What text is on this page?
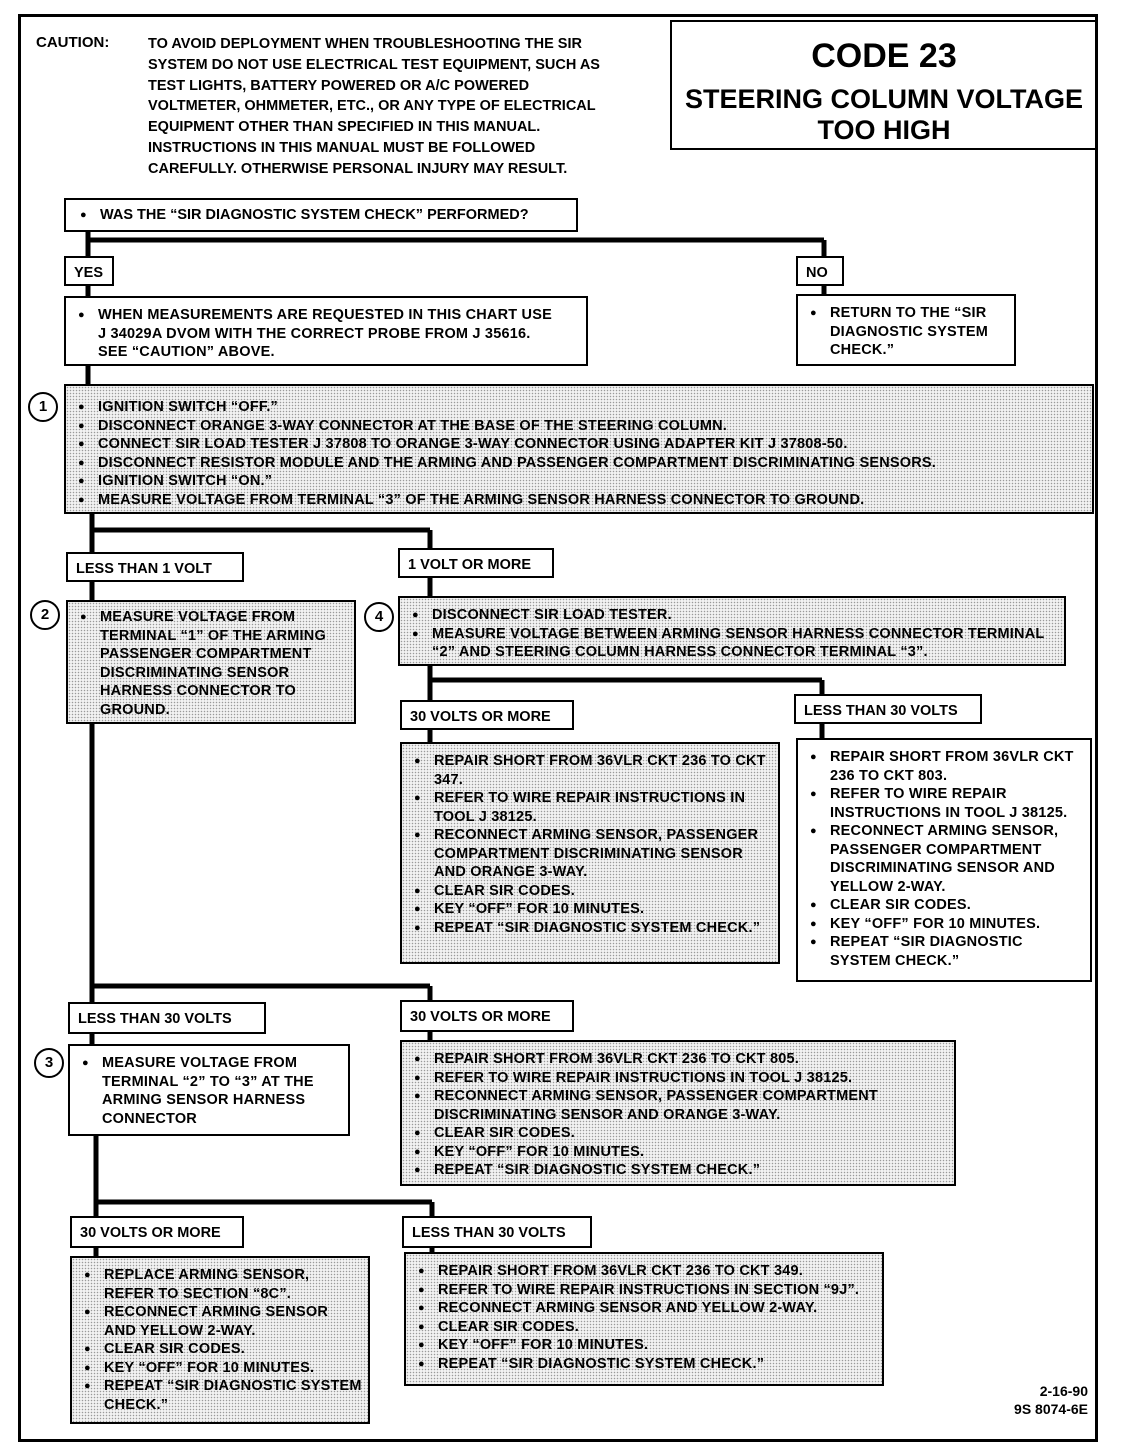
CAUTION:	TO AVOID DEPLOYMENT WHEN TROUBLESHOOTING THE SIR
SYSTEM DO NOT USE ELECTRICAL TEST EQUIPMENT, SUCH AS
TEST LIGHTS, BATTERY POWERED OR A/C POWERED
VOLTMETER, OHMMETER, ETC., OR ANY TYPE OF ELECTRICAL
EQUIPMENT OTHER THAN SPECIFIED IN THIS MANUAL.
INSTRUCTIONS IN THIS MANUAL MUST BE FOLLOWED
CAREFULLY. OTHERWISE PERSONAL INJURY MAY RESULT.
CODE 23
STEERING COLUMN VOLTAGE
TOO HIGH
● WAS THE “SIR DIAGNOSTIC SYSTEM CHECK” PERFORMED?
YES	NO
● WHEN MEASUREMENTS ARE REQUESTED IN THIS CHART USE
J 34029A DVOM WITH THE CORRECT PROBE FROM J 35616.
SEE “CAUTION” ABOVE.
● RETURN TO THE “SIR
DIAGNOSTIC SYSTEM
CHECK.”
1	● IGNITION SWITCH “OFF.”
● DISCONNECT ORANGE 3-WAY CONNECTOR AT THE BASE OF THE STEERING COLUMN.
● CONNECT SIR LOAD TESTER J 37808 TO ORANGE 3-WAY CONNECTOR USING ADAPTER KIT J 37808-50.
● DISCONNECT RESISTOR MODULE AND THE ARMING AND PASSENGER COMPARTMENT DISCRIMINATING SENSORS.
● IGNITION SWITCH “ON.”
● MEASURE VOLTAGE FROM TERMINAL “3” OF THE ARMING SENSOR HARNESS CONNECTOR TO GROUND.
LESS THAN 1 VOLT	1 VOLT OR MORE
2	● MEASURE VOLTAGE FROM TERMINAL “1” OF THE ARMING PASSENGER COMPARTMENT DISCRIMINATING SENSOR HARNESS CONNECTOR TO GROUND.
4	● DISCONNECT SIR LOAD TESTER.
● MEASURE VOLTAGE BETWEEN ARMING SENSOR HARNESS CONNECTOR TERMINAL “2” AND STEERING COLUMN HARNESS CONNECTOR TERMINAL “3”.
30 VOLTS OR MORE	LESS THAN 30 VOLTS
● REPAIR SHORT FROM 36VLR CKT 236 TO CKT 347.
● REFER TO WIRE REPAIR INSTRUCTIONS IN TOOL J 38125.
● RECONNECT ARMING SENSOR, PASSENGER COMPARTMENT DISCRIMINATING SENSOR AND ORANGE 3-WAY.
● CLEAR SIR CODES.
● KEY “OFF” FOR 10 MINUTES.
● REPEAT “SIR DIAGNOSTIC SYSTEM CHECK.”
● REPAIR SHORT FROM 36VLR CKT 236 TO CKT 803.
● REFER TO WIRE REPAIR INSTRUCTIONS IN TOOL J 38125.
● RECONNECT ARMING SENSOR, PASSENGER COMPARTMENT DISCRIMINATING SENSOR AND YELLOW 2-WAY.
● CLEAR SIR CODES.
● KEY “OFF” FOR 10 MINUTES.
● REPEAT “SIR DIAGNOSTIC SYSTEM CHECK.”
LESS THAN 30 VOLTS	30 VOLTS OR MORE
3	● MEASURE VOLTAGE FROM TERMINAL “2” TO “3” AT THE ARMING SENSOR HARNESS CONNECTOR
● REPAIR SHORT FROM 36VLR CKT 236 TO CKT 805.
● REFER TO WIRE REPAIR INSTRUCTIONS IN TOOL J 38125.
● RECONNECT ARMING SENSOR, PASSENGER COMPARTMENT DISCRIMINATING SENSOR AND ORANGE 3-WAY.
● CLEAR SIR CODES.
● KEY “OFF” FOR 10 MINUTES.
● REPEAT “SIR DIAGNOSTIC SYSTEM CHECK.”
30 VOLTS OR MORE	LESS THAN 30 VOLTS
● REPLACE ARMING SENSOR, REFER TO SECTION “8C”.
● RECONNECT ARMING SENSOR AND YELLOW 2-WAY.
● CLEAR SIR CODES.
● KEY “OFF” FOR 10 MINUTES.
● REPEAT “SIR DIAGNOSTIC SYSTEM CHECK.”
● REPAIR SHORT FROM 36VLR CKT 236 TO CKT 349.
● REFER TO WIRE REPAIR INSTRUCTIONS IN SECTION “9J”.
● RECONNECT ARMING SENSOR AND YELLOW 2-WAY.
● CLEAR SIR CODES.
● KEY “OFF” FOR 10 MINUTES.
● REPEAT “SIR DIAGNOSTIC SYSTEM CHECK.”
2-16-90
9S 8074-6E
